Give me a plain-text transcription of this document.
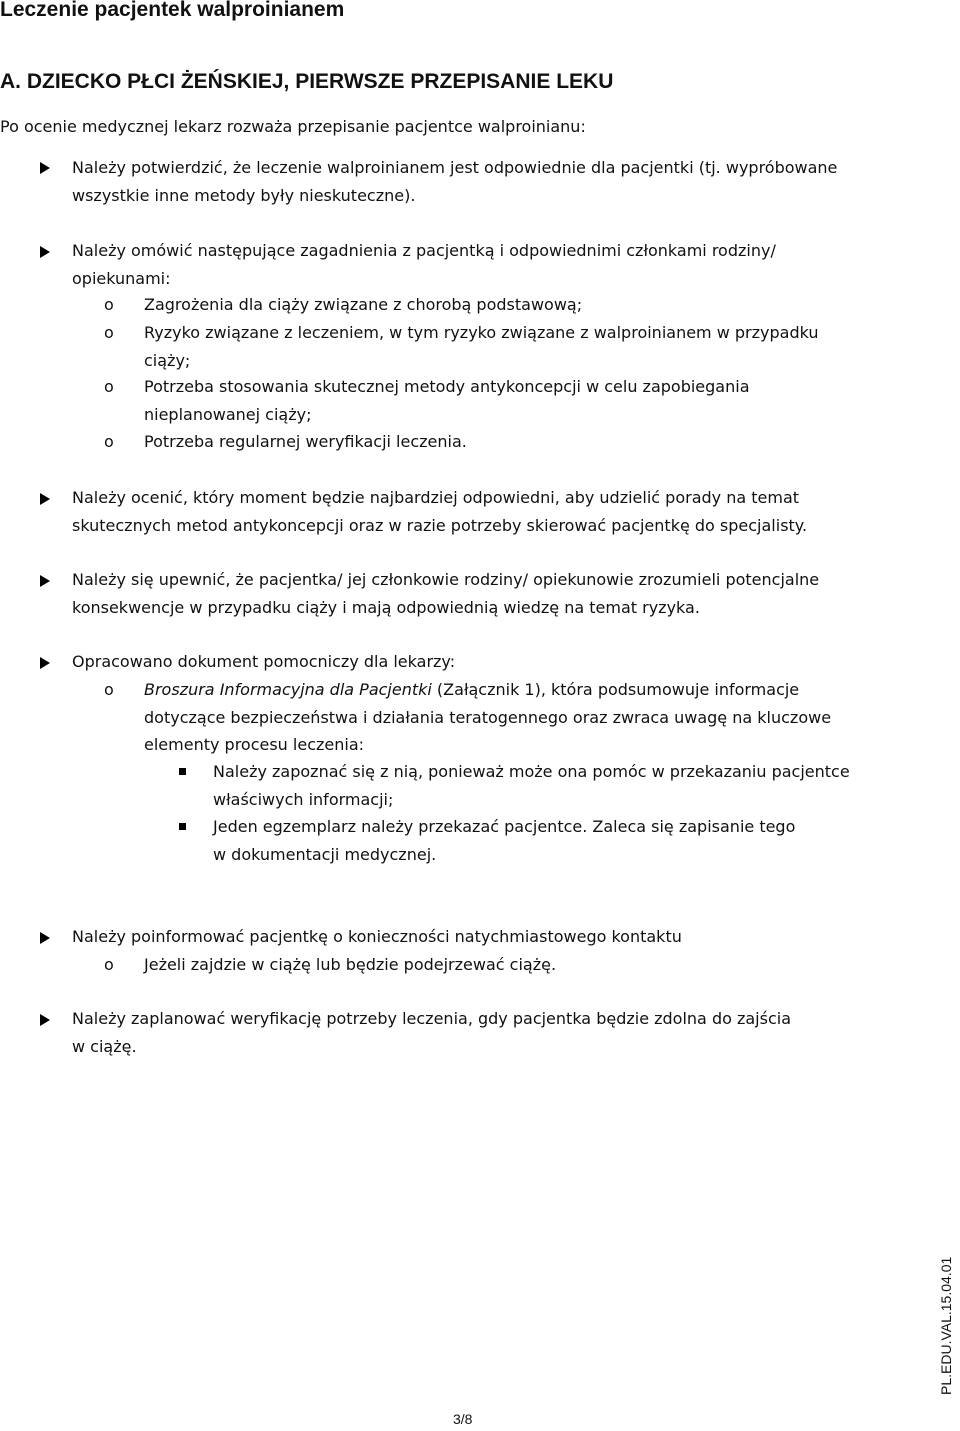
Leczenie pacjentek walproinianem
A. DZIECKO PŁCI ŻEŃSKIEJ, PIERWSZE PRZEPISANIE LEKU
Po ocenie medycznej lekarz rozważa przepisanie pacjentce walproinianu:
Należy potwierdzić, że leczenie walproinianem jest odpowiednie dla pacjentki (tj. wypróbowane
wszystkie inne metody były nieskuteczne).
Należy omówić następujące zagadnienia z pacjentką i odpowiednimi członkami rodziny/
opiekunami:
o Zagrożenia dla ciąży związane z chorobą podstawową;
o Ryzyko związane z leczeniem, w tym ryzyko związane z walproinianem w przypadku
ciąży;
o Potrzeba stosowania skutecznej metody antykoncepcji w celu zapobiegania
nieplanowanej ciąży;
o Potrzeba regularnej weryfikacji leczenia.
Należy ocenić, który moment będzie najbardziej odpowiedni, aby udzielić porady na temat
skutecznych metod antykoncepcji oraz w razie potrzeby skierować pacjentkę do specjalisty.
Należy się upewnić, że pacjentka/ jej członkowie rodziny/ opiekunowie zrozumieli potencjalne
konsekwencje w przypadku ciąży i mają odpowiednią wiedzę na temat ryzyka.
Opracowano dokument pomocniczy dla lekarzy:
o Broszura Informacyjna dla Pacjentki (Załącznik 1), która podsumowuje informacje
dotyczące bezpieczeństwa i działania teratogennego oraz zwraca uwagę na kluczowe
elementy procesu leczenia:
Należy zapoznać się z nią, ponieważ może ona pomóc w przekazaniu pacjentce
właściwych informacji;
Jeden egzemplarz należy przekazać pacjentce. Zaleca się zapisanie tego
w dokumentacji medycznej.
Należy poinformować pacjentkę o konieczności natychmiastowego kontaktu
o Jeżeli zajdzie w ciążę lub będzie podejrzewać ciążę.
Należy zaplanować weryfikację potrzeby leczenia, gdy pacjentka będzie zdolna do zajścia
w ciążę.
3/8
PL.EDU.VAL.15.04.01
